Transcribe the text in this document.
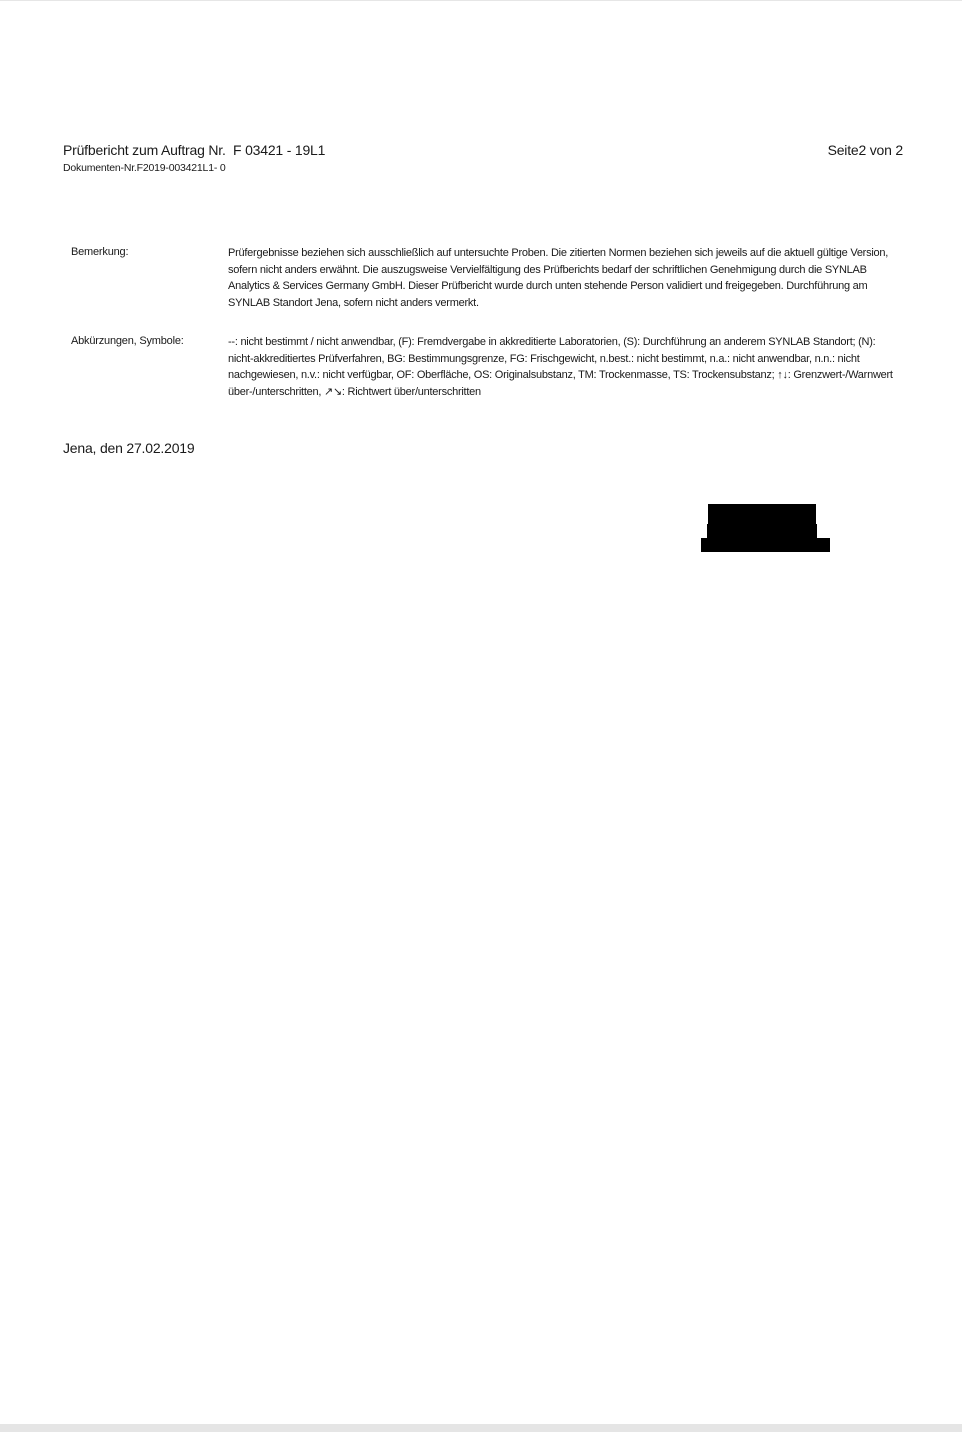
Prüfbericht zum Auftrag Nr.  F 03421 - 19L1	Seite2 von 2
Dokumenten-Nr.F2019-003421L1- 0
Bemerkung:	Prüfergebnisse beziehen sich ausschließlich auf untersuchte Proben. Die zitierten Normen beziehen sich jeweils auf die aktuell gültige Version, sofern nicht anders erwähnt. Die auszugsweise Vervielfältigung des Prüfberichts bedarf der schriftlichen Genehmigung durch die SYNLAB Analytics & Services Germany GmbH. Dieser Prüfbericht wurde durch unten stehende Person validiert und freigegeben. Durchführung am SYNLAB Standort Jena, sofern nicht anders vermerkt.
Abkürzungen, Symbole:	--: nicht bestimmt / nicht anwendbar, (F): Fremdvergabe in akkreditierte Laboratorien, (S): Durchführung an anderem SYNLAB Standort; (N): nicht-akkreditiertes Prüfverfahren, BG: Bestimmungsgrenze, FG: Frischgewicht, n.best.: nicht bestimmt, n.a.: nicht anwendbar, n.n.: nicht nachgewiesen, n.v.: nicht verfügbar, OF: Oberfläche, OS: Originalsubstanz, TM: Trockenmasse, TS: Trockensubstanz; ↑↓: Grenzwert-/Warnwert über-/unterschritten, ↗↘: Richtwert über/unterschritten
Jena, den 27.02.2019
